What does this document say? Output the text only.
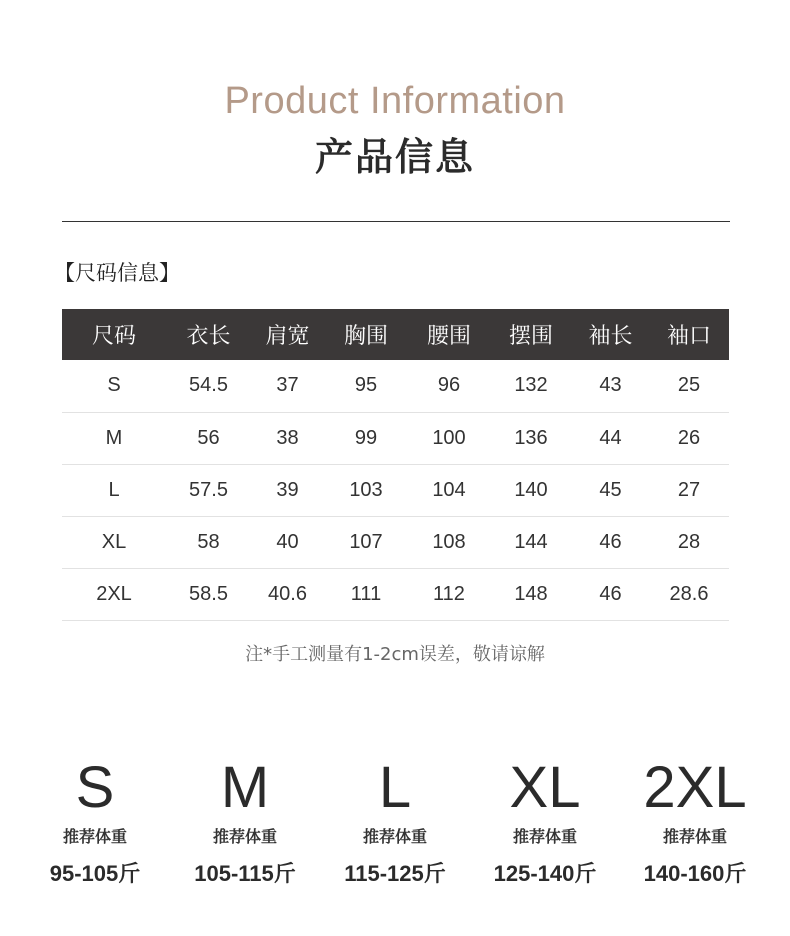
Product Information
产品信息
【尺码信息】
尺码	衣长	肩宽	胸围	腰围	摆围	袖长	袖口
S	54.5	37	95	96	132	43	25
M	56	38	99	100	136	44	26
L	57.5	39	103	104	140	45	27
XL	58	40	107	108	144	46	28
2XL	58.5	40.6	111	112	148	46	28.6
注*手工测量有1-2cm误差，敬请谅解
S
推荐体重
95-105斤
M
推荐体重
105-115斤
L
推荐体重
115-125斤
XL
推荐体重
125-140斤
2XL
推荐体重
140-160斤
